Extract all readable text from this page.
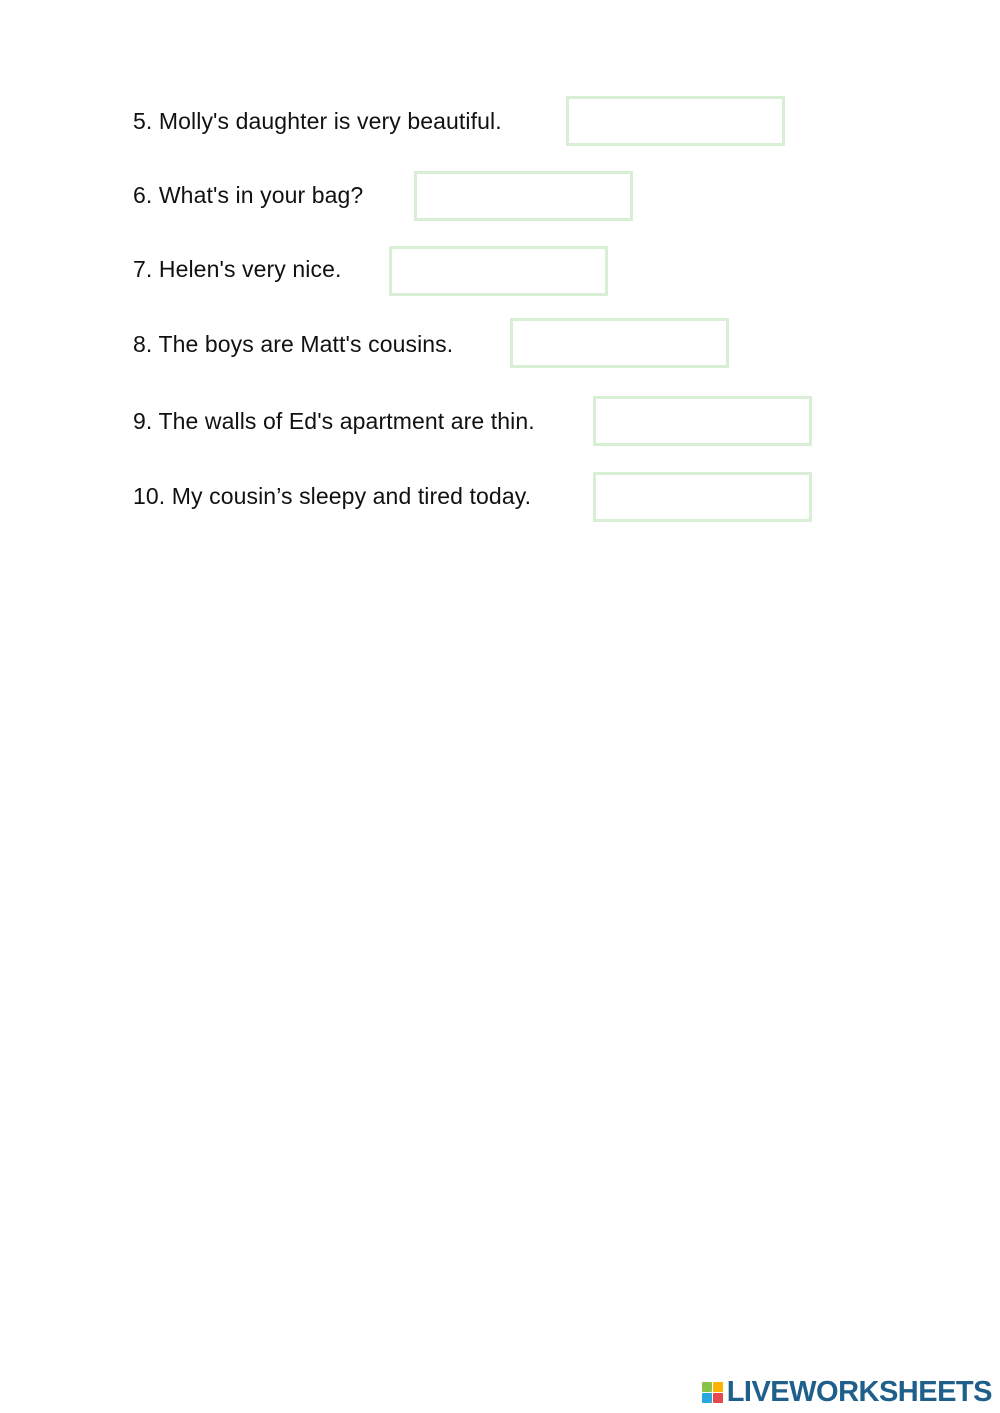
5. Molly's daughter is very beautiful.
6. What's in your bag?
7. Helen's very nice.
8. The boys are Matt's cousins.
9. The walls of Ed's apartment are thin.
10. My cousin’s sleepy and tired today.
LIVEWORKSHEETS
